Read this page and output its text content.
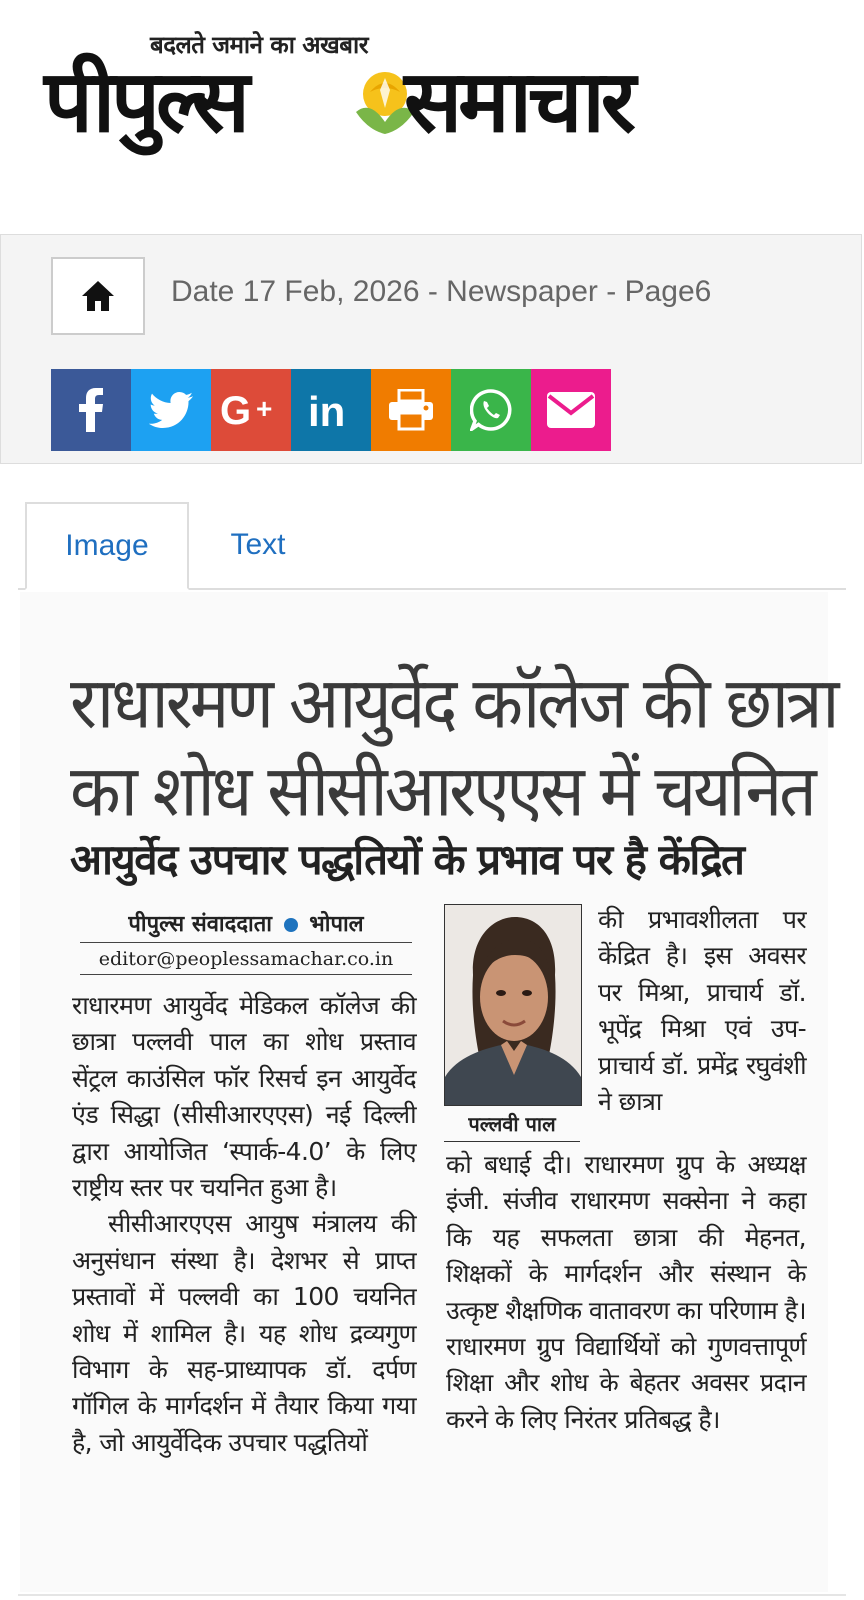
बदलते जमाने का अखबार
पीपुल्स समाचार
Date 17 Feb, 2026 - Newspaper - Page6
G + in
Image	Text
राधारमण आयुर्वेद कॉलेज की छात्रा
का शोध सीसीआरएएस में चयनित
आयुर्वेद उपचार पद्धतियों के प्रभाव पर है केंद्रित
पीपुल्स संवाददाता भोपाल
editor@peoplessamachar.co.in

राधारमण आयुर्वेद मेडिकल कॉलेज की छात्रा पल्लवी पाल का शोध प्रस्ताव सेंट्रल काउंसिल फॉर रिसर्च इन आयुर्वेद एंड सिद्धा (सीसीआरएएस) नई दिल्ली द्वारा आयोजित ‘स्पार्क-4.0’ के लिए राष्ट्रीय स्तर पर चयनित हुआ है।

सीसीआरएएस आयुष मंत्रालय की अनुसंधान संस्था है। देशभर से प्राप्त प्रस्तावों में पल्लवी का 100 चयनित शोध में शामिल है। यह शोध द्रव्यगुण विभाग के सह-प्राध्यापक डॉ. दर्पण गॉगिल के मार्गदर्शन में तैयार किया गया है, जो आयुर्वेदिक उपचार पद्धतियों

पल्लवी पाल
की प्रभावशीलता पर केंद्रित है। इस अवसर पर मिश्रा, प्राचार्य डॉ. भूपेंद्र मिश्रा एवं उप-प्राचार्य डॉ. प्रमेंद्र रघुवंशी ने छात्रा
को बधाई दी। राधारमण ग्रुप के अध्यक्ष इंजी. संजीव राधारमण सक्सेना ने कहा कि यह सफलता छात्रा की मेहनत, शिक्षकों के मार्गदर्शन और संस्थान के उत्कृष्ट शैक्षणिक वातावरण का परिणाम है। राधारमण ग्रुप विद्यार्थियों को गुणवत्तापूर्ण शिक्षा और शोध के बेहतर अवसर प्रदान करने के लिए निरंतर प्रतिबद्ध है।
